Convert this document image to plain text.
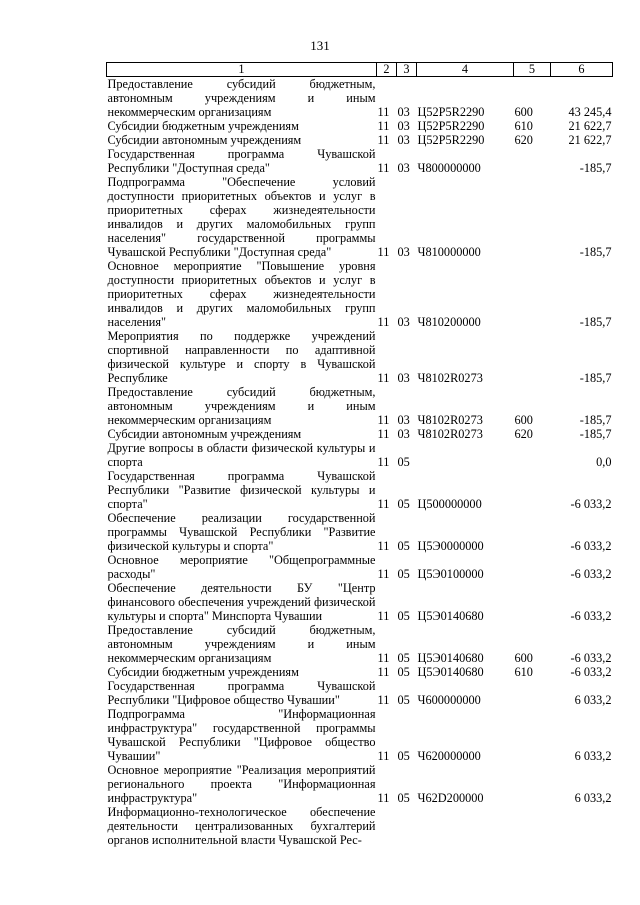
131
1	2	3	4	5	6
Предоставление субсидий бюджетным, автономным учреждениям и иным некоммерческим организациям	11	03	Ц52P5R2290	600	43 245,4
Субсидии бюджетным учреждениям	11	03	Ц52P5R2290	610	21 622,7
Субсидии автономным учреждениям	11	03	Ц52P5R2290	620	21 622,7
Государственная программа Чувашской Республики "Доступная среда"	11	03	Ч800000000		-185,7
Подпрограмма "Обеспечение условий доступности приоритетных объектов и услуг в приоритетных сферах жизнедеятельности инвалидов и других маломобильных групп населения" государственной программы Чувашской Республики "Доступная среда"	11	03	Ч810000000		-185,7
Основное мероприятие "Повышение уровня доступности приоритетных объектов и услуг в приоритетных сферах жизнедеятельности инвалидов и других маломобильных групп населения"	11	03	Ч810200000		-185,7
Мероприятия по поддержке учреждений спортивной направленности по адаптивной физической культуре и спорту в Чувашской Республике	11	03	Ч8102R0273		-185,7
Предоставление субсидий бюджетным, автономным учреждениям и иным некоммерческим организациям	11	03	Ч8102R0273	600	-185,7
Субсидии автономным учреждениям	11	03	Ч8102R0273	620	-185,7
Другие вопросы в области физической культуры и спорта	11	05			0,0
Государственная программа Чувашской Республики "Развитие физической культуры и спорта"	11	05	Ц500000000		-6 033,2
Обеспечение реализации государственной программы Чувашской Республики "Развитие физической культуры и спорта"	11	05	Ц5Э0000000		-6 033,2
Основное мероприятие "Общепрограммные расходы"	11	05	Ц5Э0100000		-6 033,2
Обеспечение деятельности БУ "Центр финансового обеспечения учреждений физической культуры и спорта" Минспорта Чувашии	11	05	Ц5Э0140680		-6 033,2
Предоставление субсидий бюджетным, автономным учреждениям и иным некоммерческим организациям	11	05	Ц5Э0140680	600	-6 033,2
Субсидии бюджетным учреждениям	11	05	Ц5Э0140680	610	-6 033,2
Государственная программа Чувашской Республики "Цифровое общество Чувашии"	11	05	Ч600000000		6 033,2
Подпрограмма "Информационная инфраструктура" государственной программы Чувашской Республики "Цифровое общество Чувашии"	11	05	Ч620000000		6 033,2
Основное мероприятие "Реализация мероприятий регионального проекта "Информационная инфраструктура"	11	05	Ч62D200000		6 033,2
Информационно-технологическое обеспечение деятельности централизованных бухгалтерий органов исполнительной власти Чувашской Рес-					
